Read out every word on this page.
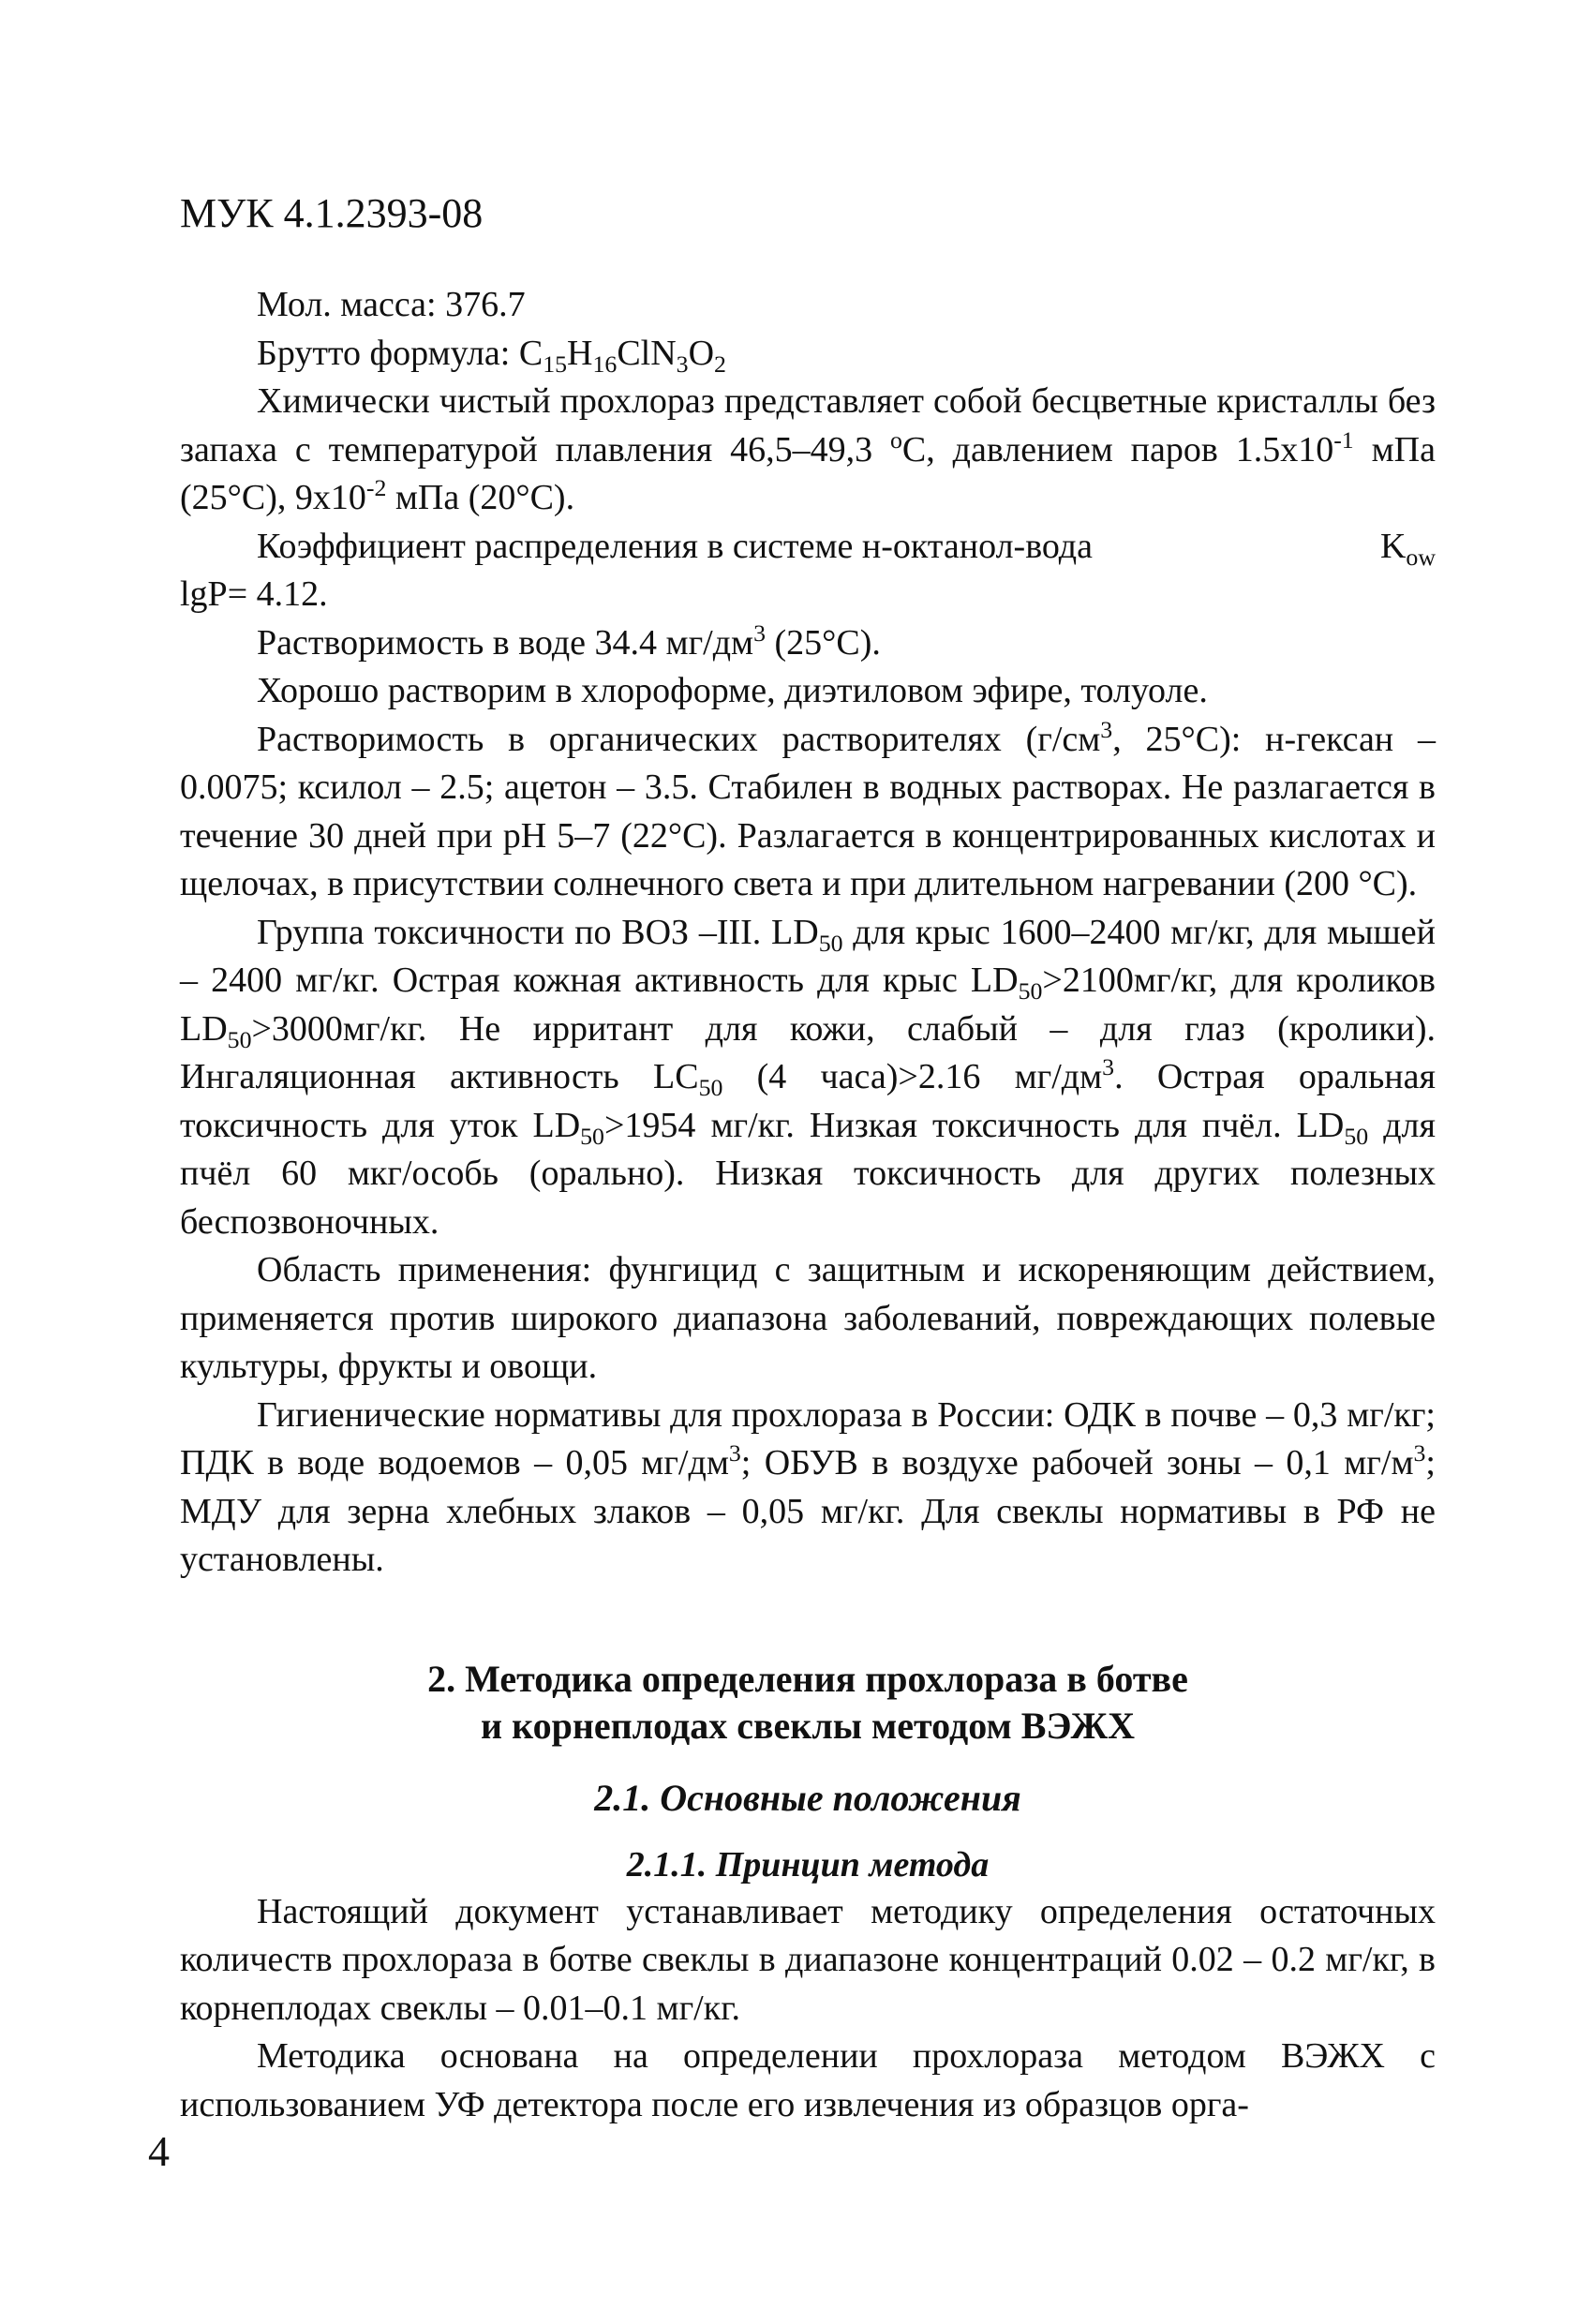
МУК 4.1.2393-08

Мол. масса: 376.7

Брутто формула: $C_{15}H_{16}ClN_3O_2$

Химически чистый прохлораз представляет собой бесцветные кристаллы без запаха с температурой плавления 46,5–49,3 $^o$С, давлением паров $1.5х10^{-1}$ мПа (25°С), $9х10^{-2}$ мПа (20°С).

Коэффициент распределения в системе н-октанол-вода	$K_{ow}$

lgP= 4.12.

Растворимость в воде 34.4 $мг/дм^3$ (25°С).

Хорошо растворим в хлороформе, диэтиловом эфире, толуоле.

Растворимость в органических растворителях ($г/см^3$, 25°С): н-гексан – 0.0075; ксилол – 2.5; ацетон – 3.5. Стабилен в водных растворах. Не разлагается в течение 30 дней при pH 5–7 (22°С). Разлагается в концентрированных кислотах и щелочах, в присутствии солнечного света и при длительном нагревании (200 °С).

Группа токсичности по ВОЗ –III. $LD_{50}$ для крыс 1600–2400 мг/кг, для мышей – 2400 мг/кг. Острая кожная активность для крыс $LD_{50}>2100мг/кг$, для кроликов $LD_{50}>3000мг/кг$. Не ирритант для кожи, слабый – для глаз (кролики). Ингаляционная активность $LC_{50}$ (4 часа)>2.16 $мг/дм^3$. Острая оральная токсичность для уток $LD_{50}>1954$ мг/кг. Низкая токсичность для пчёл. $LD_{50}$ для пчёл 60 мкг/особь (орально). Низкая токсичность для других полезных беспозвоночных.

Область применения: фунгицид с защитным и искореняющим действием, применяется против широкого диапазона заболеваний, повреждающих полевые культуры, фрукты и овощи.

Гигиенические нормативы для прохлораза в России: ОДК в почве – 0,3 мг/кг; ПДК в воде водоемов – 0,05 $мг/дм^3$; ОБУВ в воздухе рабочей зоны – 0,1 $мг/м^3$; МДУ для зерна хлебных злаков – 0,05 мг/кг. Для свеклы нормативы в РФ не установлены.

2. Методика определения прохлораза в ботве
и корнеплодах свеклы методом ВЭЖХ
2.1. Основные положения
2.1.1. Принцип метода

Настоящий документ устанавливает методику определения остаточных количеств прохлораза в ботве свеклы в диапазоне концентраций 0.02 – 0.2 мг/кг, в корнеплодах свеклы – 0.01–0.1 мг/кг.

Методика основана на определении прохлораза методом ВЭЖХ с использованием УФ детектора после его извлечения из образцов орга-

4
